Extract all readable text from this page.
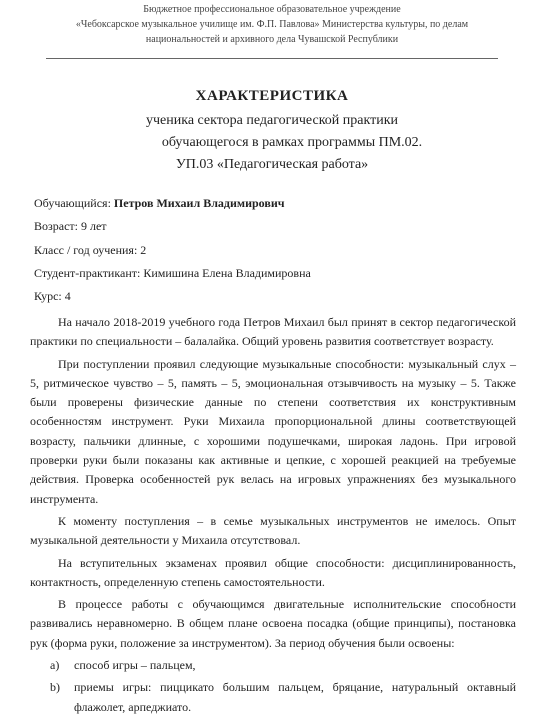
Бюджетное профессиональное образовательное учреждение
«Чебоксарское музыкальное училище им. Ф.П. Павлова» Министерства культуры, по делам
национальностей и архивного дела Чувашской Республики
ХАРАКТЕРИСТИКА
ученика сектора педагогической практики
обучающегося в рамках программы ПМ.02.
УП.03 «Педагогическая работа»
Обучающийся: Петров Михаил Владимирович
Возраст: 9 лет
Класс / год оучения: 2
Студент-практикант: Кимишина Елена Владимировна
Курс: 4

На начало 2018-2019 учебного года Петров Михаил был принят в сектор педагогической практики по специальности – балалайка. Общий уровень развития соответствует возрасту.

При поступлении проявил следующие музыкальные способности: музыкальный слух – 5, ритмическое чувство – 5, память – 5, эмоциональная отзывчивость на музыку – 5. Также были проверены физические данные по степени соответствия их конструктивным особенностям инструмент. Руки Михаила пропорциональной длины соответствующей возрасту, пальчики длинные, с хорошими подушечками, широкая ладонь. При игровой проверки руки были показаны как активные и цепкие, с хорошей реакцией на требуемые действия. Проверка особенностей рук велась на игровых упражнениях без музыкального инструмента.

К моменту поступления – в семье музыкальных инструментов не имелось. Опыт музыкальной деятельности у Михаила отсутствовал.

На вступительных экзаменах проявил общие способности: дисциплинированность, контактность, определенную степень самостоятельности.

В процессе работы с обучающимся двигательные исполнительские способности развивались неравномерно. В общем плане освоена посадка (общие принципы), постановка рук (форма руки, положение за инструментом). За период обучения были освоены:

a)	способ игры – пальцем,
b)	приемы игры: пиццикато большим пальцем, бряцание, натуральный октавный флажолет, арпеджиато.
